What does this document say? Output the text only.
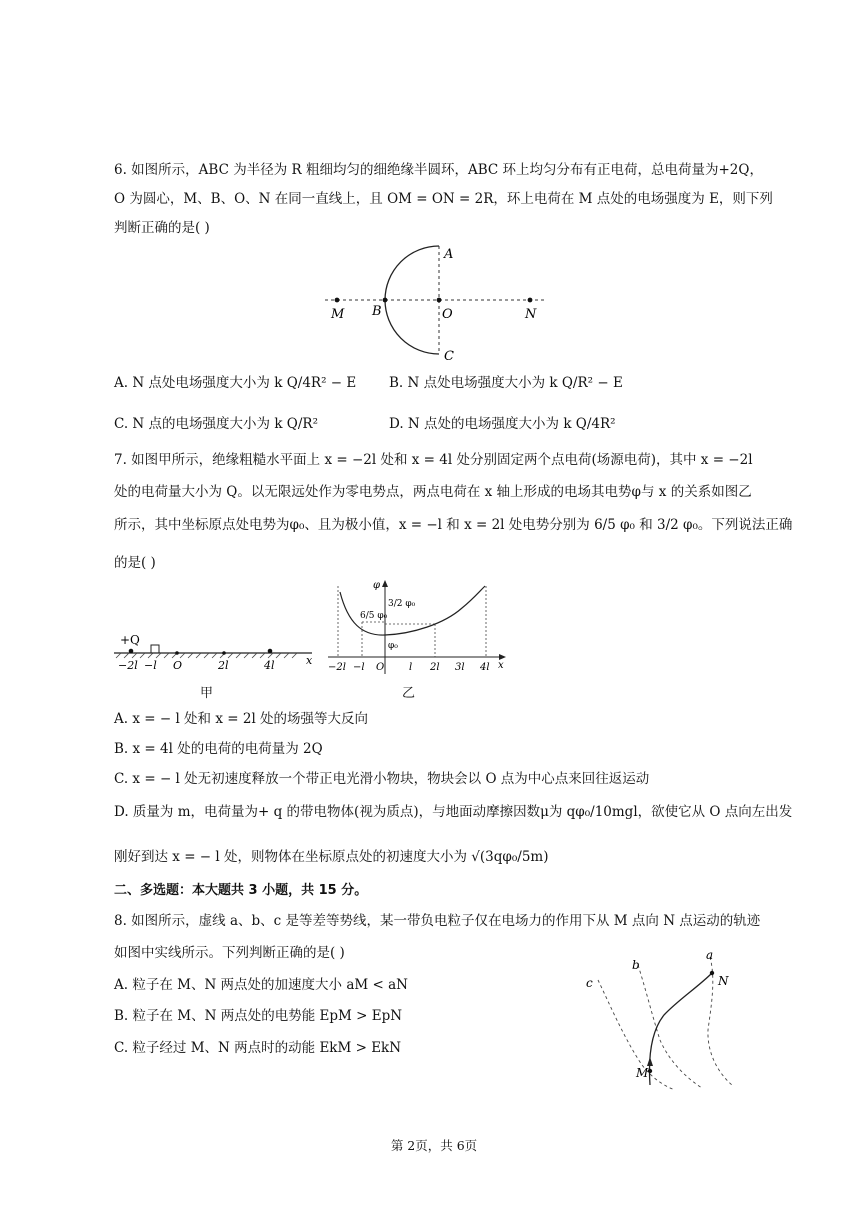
6. 如图所示，ABC 为半径为 R 粗细均匀的细绝缘半圆环，ABC 环上均匀分布有正电荷，总电荷量为+2Q，
O 为圆心，M、B、O、N 在同一直线上，且 OM = ON = 2R，环上电荷在 M 点处的电场强度为 E，则下列
判断正确的是( )
A
B
C
M	O	N
A. N 点处电场强度大小为 k Q/4R² − E B. N 点处电场强度大小为 k Q/R² − E
C. N 点的电场强度大小为 k Q/R²	D. N 点处的电场强度大小为 k Q/4R²
7. 如图甲所示，绝缘粗糙水平面上 x = −2l 处和 x = 4l 处分别固定两个点电荷(场源电荷)，其中 x = −2l
处的电荷量大小为 Q。以无限远处作为零电势点，两点电荷在 x 轴上形成的电场其电势φ与 x 的关系如图乙
所示，其中坐标原点处电势为φ₀、且为极小值，x = −l 和 x = 2l 处电势分别为 6/5 φ₀ 和 3/2 φ₀。下列说法正确
的是( )
+Q
−2l −l O	2l	4l	x
甲
φ
6/5 φ₀
3/2 φ₀
φ₀
−2l −l O l 2l 3l 4l x
乙
A. x = − l 处和 x = 2l 处的场强等大反向
B. x = 4l 处的电荷的电荷量为 2Q
C. x = − l 处无初速度释放一个带正电光滑小物块，物块会以 O 点为中心点来回往返运动
D. 质量为 m，电荷量为+ q 的带电物体(视为质点)，与地面动摩擦因数μ为 qφ₀/10mgl，欲使它从 O 点向左出发
刚好到达 x = − l 处，则物体在坐标原点处的初速度大小为 √(3qφ₀/5m)
二、多选题：本大题共 3 小题，共 15 分。
8. 如图所示，虚线 a、b、c 是等差等势线，某一带负电粒子仅在电场力的作用下从 M 点向 N 点运动的轨迹
如图中实线所示。下列判断正确的是( )
A. 粒子在 M、N 两点处的加速度大小 aM < aN
B. 粒子在 M、N 两点处的电势能 EpM > EpN
C. 粒子经过 M、N 两点时的动能 EkM > EkN
a
b
c
M
N
第 2页，共 6页
